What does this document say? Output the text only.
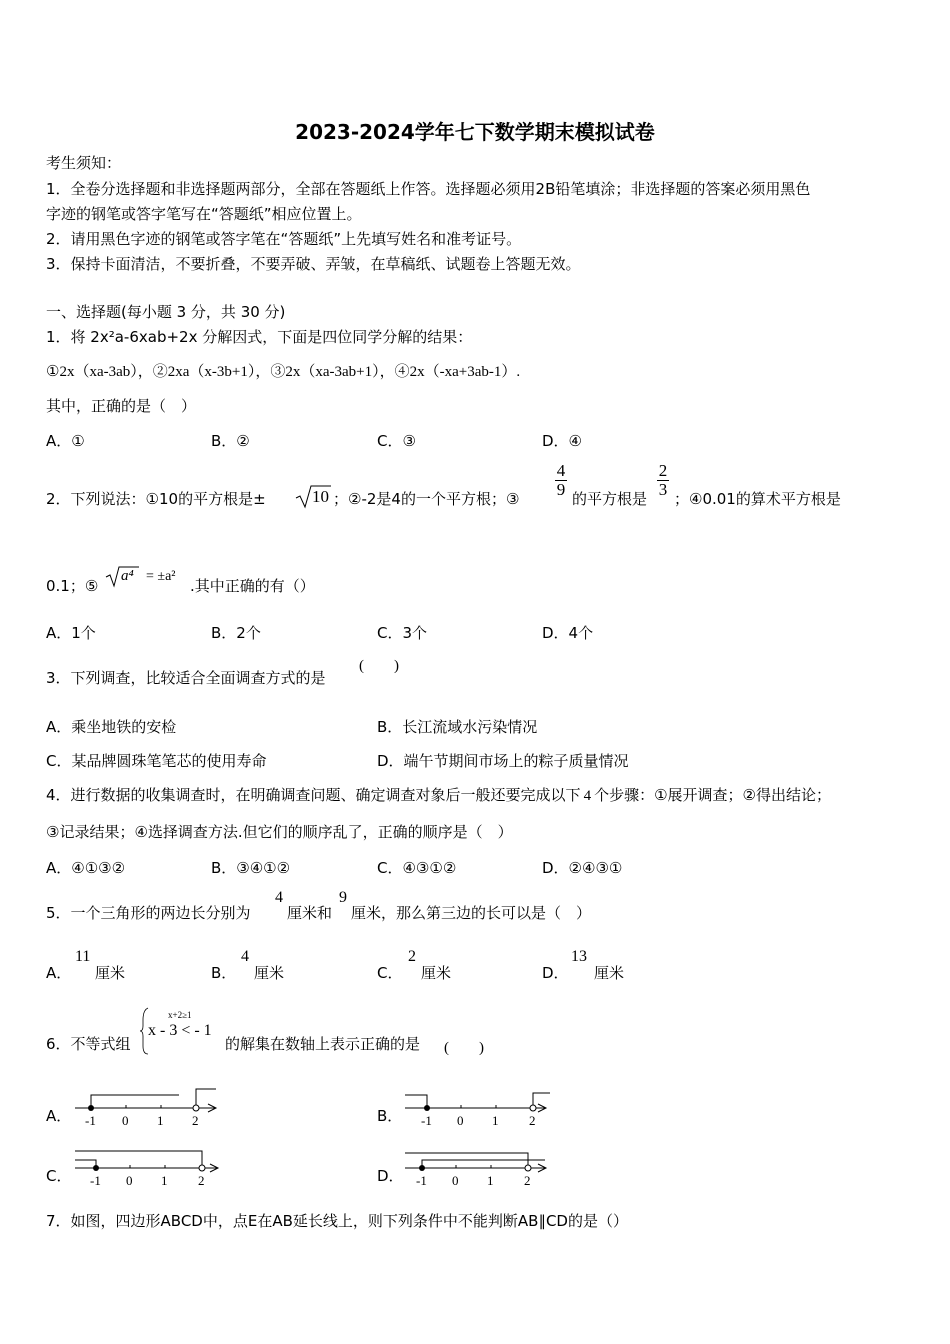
2023-2024学年七下数学期末模拟试卷
考生须知：
1．全卷分选择题和非选择题两部分，全部在答题纸上作答。选择题必须用2B铅笔填涂；非选择题的答案必须用黑色
字迹的钢笔或答字笔写在“答题纸”相应位置上。
2．请用黑色字迹的钢笔或答字笔在“答题纸”上先填写姓名和准考证号。
3．保持卡面清洁，不要折叠，不要弄破、弄皱，在草稿纸、试题卷上答题无效。
一、选择题(每小题 3 分，共 30 分)
1．将 2x²a-6xab+2x 分解因式，下面是四位同学分解的结果：
①2x（xa-3ab），②2xa（x-3b+1），③2x（xa-3ab+1），④2x（-xa+3ab-1）.
其中，正确的是（　）
A．①	B．②	C．③	D．④
2．下列说法：①10的平方根是±	10 ；②-2是4的一个平方根；③
4
9 的平方根是
2
3 ；④0.01的算术平方根是
0.1；⑤
a⁴ = ±a²
.其中正确的有（）
A．1个	B．2个	C．3个	D．4个
3．下列调查，比较适合全面调查方式的是
(　　)
A．乘坐地铁的安检	B．长江流域水污染情况
C．某品牌圆珠笔笔芯的使用寿命	D．端午节期间市场上的粽子质量情况
4．进行数据的收集调查时，在明确调查问题、确定调查对象后一般还要完成以下 4 个步骤：①展开调查；②得出结论；
③记录结果；④选择调查方法.但它们的顺序乱了，正确的顺序是（　）
A．④①③②	B．③④①②	C．④③①②	D．②④③①
5．一个三角形的两边长分别为
4
厘米和
9
厘米，那么第三边的长可以是（　）
A．
11
厘米	B．
4
厘米	C．
2
厘米	D．
13
厘米
6．不等式组
x+2≥1
x - 3 < - 1
的解集在数轴上表示正确的是 (　　)
A．	B．
C．	D．
-1 0 1 2	-1 0 1 2
-1 0 1 2	-1 0 1 2
7．如图，四边形ABCD中，点E在AB延长线上，则下列条件中不能判断AB∥CD的是（）
